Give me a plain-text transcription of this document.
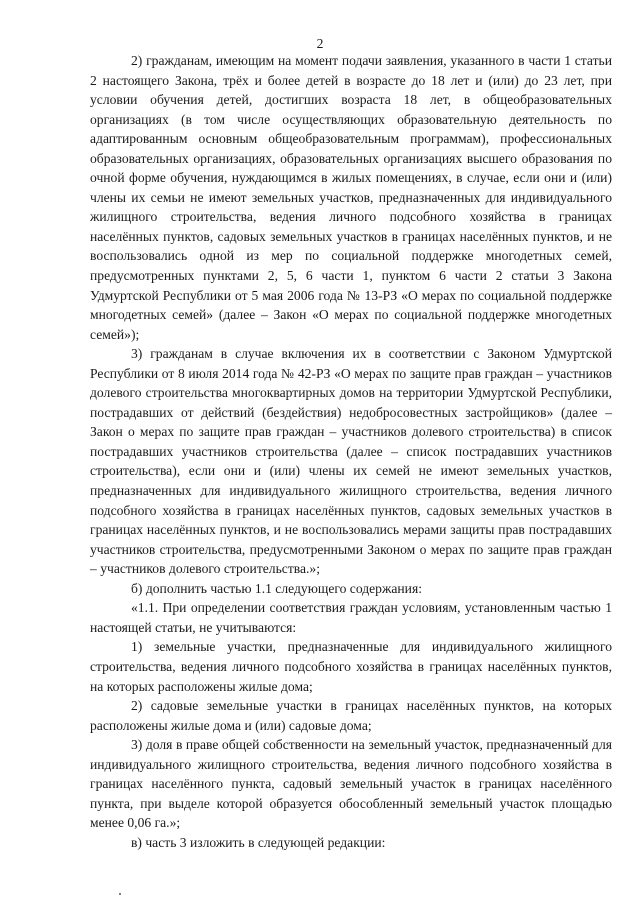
2

2) гражданам, имеющим на момент подачи заявления, указанного в части 1 статьи 2 настоящего Закона, трёх и более детей в возрасте до 18 лет и (или) до 23 лет, при условии обучения детей, достигших возраста 18 лет, в общеобразовательных организациях (в том числе осуществляющих образовательную деятельность по адаптированным основным общеобразовательным программам), профессиональных образовательных организациях, образовательных организациях высшего образования по очной форме обучения, нуждающимся в жилых помещениях, в случае, если они и (или) члены их семьи не имеют земельных участков, предназначенных для индивидуального жилищного строительства, ведения личного подсобного хозяйства в границах населённых пунктов, садовых земельных участков в границах населённых пунктов, и не воспользовались одной из мер по социальной поддержке многодетных семей, предусмотренных пунктами 2, 5, 6 части 1, пунктом 6 части 2 статьи 3 Закона Удмуртской Республики от 5 мая 2006 года № 13-РЗ «О мерах по социальной поддержке многодетных семей» (далее – Закон «О мерах по социальной поддержке многодетных семей»);

3) гражданам в случае включения их в соответствии с Законом Удмуртской Республики от 8 июля 2014 года № 42-РЗ «О мерах по защите прав граждан – участников долевого строительства многоквартирных домов на территории Удмуртской Республики, пострадавших от действий (бездействия) недобросовестных застройщиков» (далее – Закон о мерах по защите прав граждан – участников долевого строительства) в список пострадавших участников строительства (далее – список пострадавших участников строительства), если они и (или) члены их семей не имеют земельных участков, предназначенных для индивидуального жилищного строительства, ведения личного подсобного хозяйства в границах населённых пунктов, садовых земельных участков в границах населённых пунктов, и не воспользовались мерами защиты прав пострадавших участников строительства, предусмотренными Законом о мерах по защите прав граждан – участников долевого строительства.»;

б) дополнить частью 1.1 следующего содержания:

«1.1. При определении соответствия граждан условиям, установленным частью 1 настоящей статьи, не учитываются:

1) земельные участки, предназначенные для индивидуального жилищного строительства, ведения личного подсобного хозяйства в границах населённых пунктов, на которых расположены жилые дома;

2) садовые земельные участки в границах населённых пунктов, на которых расположены жилые дома и (или) садовые дома;

3) доля в праве общей собственности на земельный участок, предназначенный для индивидуального жилищного строительства, ведения личного подсобного хозяйства в границах населённого пункта, садовый земельный участок в границах населённого пункта, при выделе которой образуется обособленный земельный участок площадью менее 0,06 га.»;

в) часть 3 изложить в следующей редакции:
